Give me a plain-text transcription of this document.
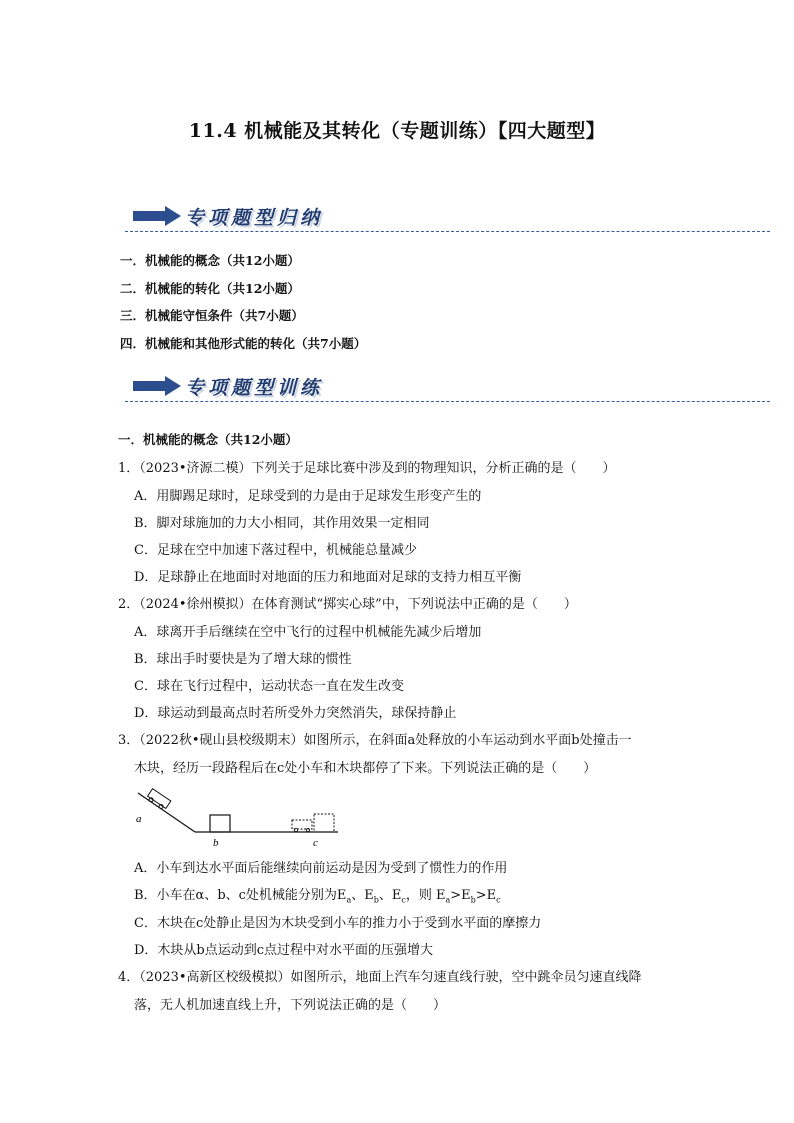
11.4 机械能及其转化（专题训练）【四大题型】
专项题型归纳
一．机械能的概念（共12小题）
二．机械能的转化（共12小题）
三．机械能守恒条件（共7小题）
四．机械能和其他形式能的转化（共7小题）
专项题型训练
一．机械能的概念（共12小题）
1．（2023•济源二模）下列关于足球比赛中涉及到的物理知识，分析正确的是（　　）
A．用脚踢足球时，足球受到的力是由于足球发生形变产生的
B．脚对球施加的力大小相同，其作用效果一定相同
C．足球在空中加速下落过程中，机械能总量减少
D．足球静止在地面时对地面的压力和地面对足球的支持力相互平衡
2．（2024•徐州模拟）在体育测试“掷实心球”中，下列说法中正确的是（　　）
A．球离开手后继续在空中飞行的过程中机械能先减少后增加
B．球出手时要快是为了增大球的惯性
C．球在飞行过程中，运动状态一直在发生改变
D．球运动到最高点时若所受外力突然消失，球保持静止
3．（2022秋•砚山县校级期末）如图所示，在斜面a处释放的小车运动到水平面b处撞击一
木块，经历一段路程后在c处小车和木块都停了下来。下列说法正确的是（　　）
a
b	c
A．小车到达水平面后能继续向前运动是因为受到了惯性力的作用
B．小车在α、b、c处机械能分别为$E_a$、$E_b$、$E_c$，则 $E_a>E_b>E_c$
C．木块在c处静止是因为木块受到小车的推力小于受到水平面的摩擦力
D．木块从b点运动到c点过程中对水平面的压强增大
4．（2023•高新区校级模拟）如图所示，地面上汽车匀速直线行驶，空中跳伞员匀速直线降
落，无人机加速直线上升，下列说法正确的是（　　）
